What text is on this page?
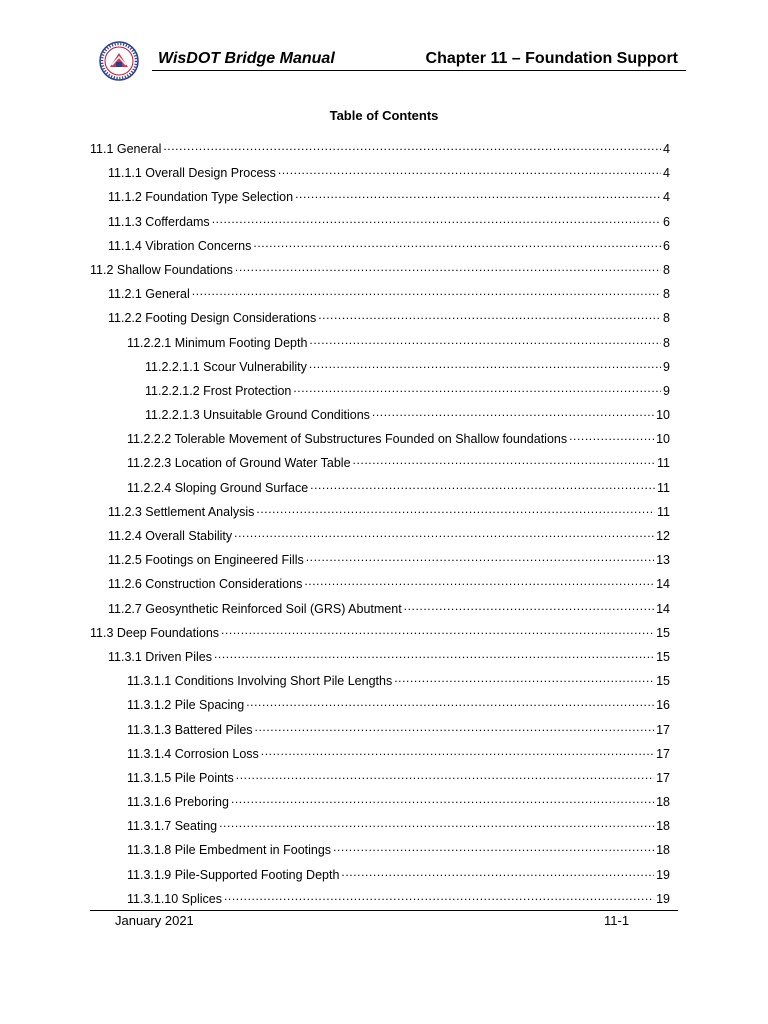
WisDOT Bridge Manual	Chapter 11 – Foundation Support
Table of Contents
11.1 General .....	4
11.1.1 Overall Design Process .....	4
11.1.2 Foundation Type Selection .....	4
11.1.3 Cofferdams .....	6
11.1.4 Vibration Concerns .....	6
11.2 Shallow Foundations .....	8
11.2.1 General .....	8
11.2.2 Footing Design Considerations .....	8
11.2.2.1 Minimum Footing Depth .....	8
11.2.2.1.1 Scour Vulnerability .....	9
11.2.2.1.2 Frost Protection .....	9
11.2.2.1.3 Unsuitable Ground Conditions .....	10
11.2.2.2 Tolerable Movement of Substructures Founded on Shallow foundations .....	10
11.2.2.3 Location of Ground Water Table .....	11
11.2.2.4 Sloping Ground Surface .....	11
11.2.3 Settlement Analysis .....	11
11.2.4 Overall Stability .....	12
11.2.5 Footings on Engineered Fills .....	13
11.2.6 Construction Considerations .....	14
11.2.7 Geosynthetic Reinforced Soil (GRS) Abutment .....	14
11.3 Deep Foundations .....	15
11.3.1 Driven Piles .....	15
11.3.1.1 Conditions Involving Short Pile Lengths .....	15
11.3.1.2 Pile Spacing .....	16
11.3.1.3 Battered Piles .....	17
11.3.1.4 Corrosion Loss .....	17
11.3.1.5 Pile Points .....	17
11.3.1.6 Preboring .....	18
11.3.1.7 Seating .....	18
11.3.1.8 Pile Embedment in Footings .....	18
11.3.1.9 Pile-Supported Footing Depth .....	19
11.3.1.10 Splices .....	19
January 2021	11-1
